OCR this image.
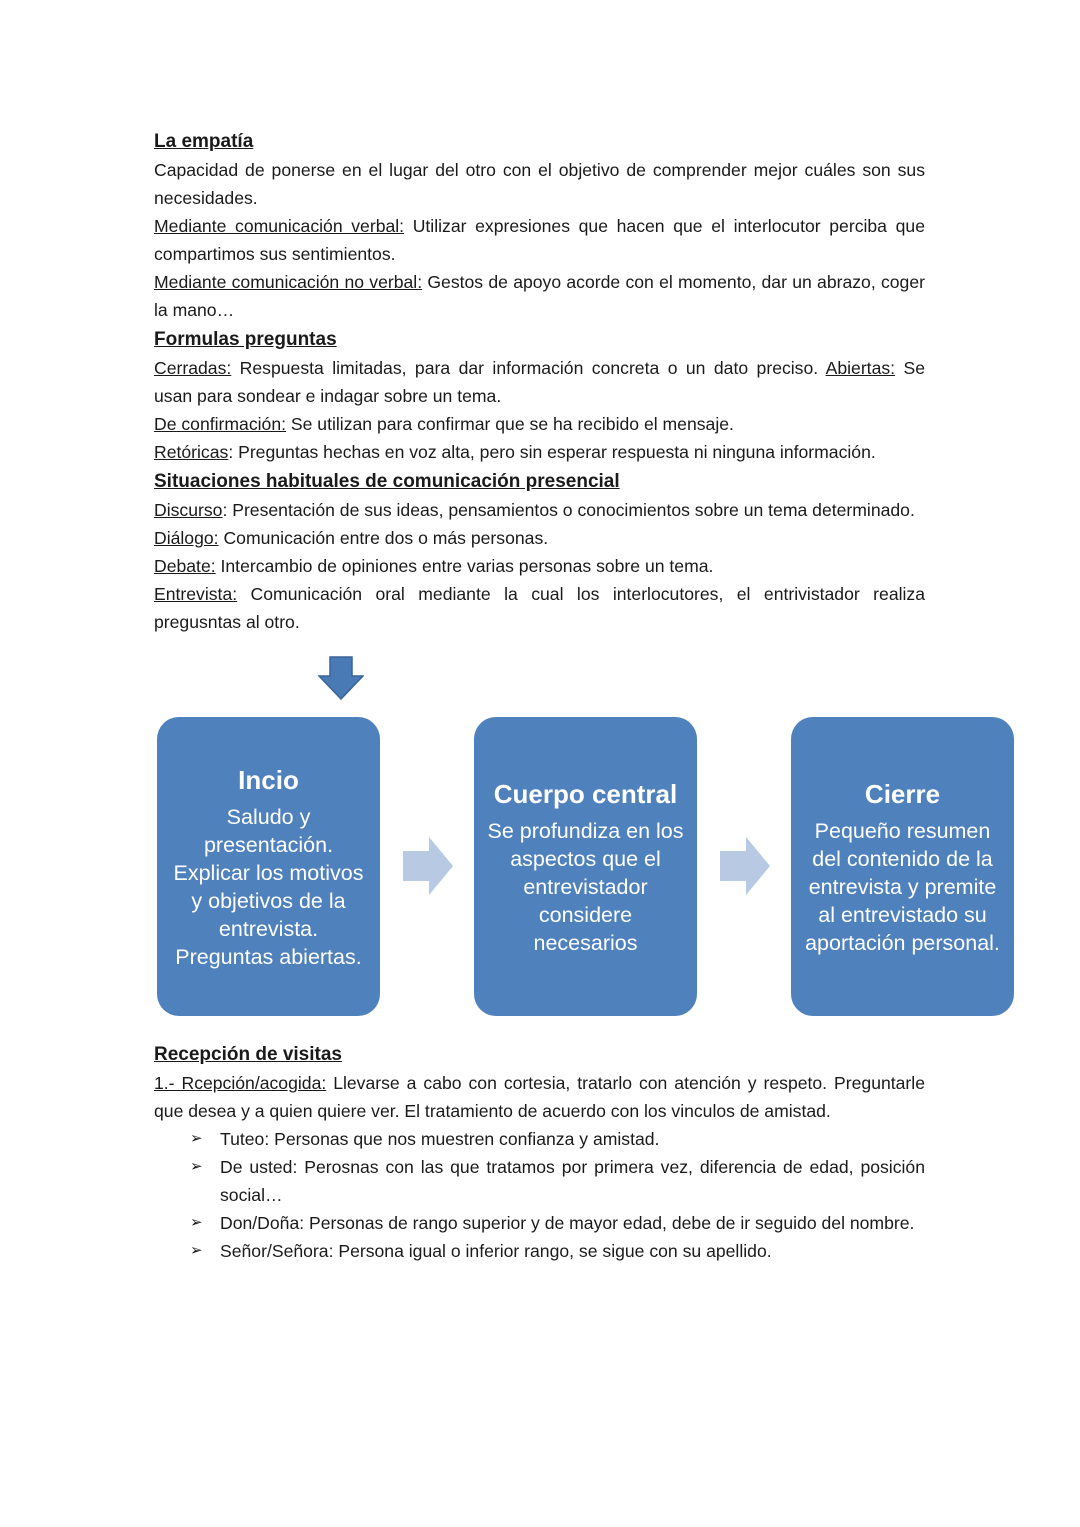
La empatía

Capacidad de ponerse en el lugar del otro con el objetivo de comprender mejor cuáles son sus necesidades.

Mediante comunicación verbal: Utilizar expresiones que hacen que el interlocutor perciba que compartimos sus sentimientos.

Mediante comunicación no verbal: Gestos de apoyo acorde con el momento, dar un abrazo, coger la mano…

Formulas preguntas

Cerradas: Respuesta limitadas, para dar información concreta o un dato preciso. Abiertas: Se usan para sondear e indagar sobre un tema.

De confirmación: Se utilizan para confirmar que se ha recibido el mensaje.

Retóricas: Preguntas hechas en voz alta, pero sin esperar respuesta ni ninguna información.

Situaciones habituales de comunicación presencial

Discurso: Presentación de sus ideas, pensamientos o conocimientos sobre un tema determinado.

Diálogo: Comunicación entre dos o más personas.

Debate: Intercambio de opiniones entre varias personas sobre un tema.

Entrevista: Comunicación oral mediante la cual los interlocutores, el entrivistador realiza pregusntas al otro.

Incio
Saludo y presentación. Explicar los motivos y objetivos de la entrevista. Preguntas abiertas.
Cuerpo central
Se profundiza en los aspectos que el entrevistador considere necesarios
Cierre
Pequeño resumen del contenido de la entrevista y premite al entrevistado su aportación personal.
Recepción de visitas

1.- Rcepción/acogida: Llevarse a cabo con cortesia, tratarlo con atención y respeto. Preguntarle que desea y a quien quiere ver. El tratamiento de acuerdo con los vinculos de amistad.

➢ Tuteo: Personas que nos muestren confianza y amistad.
➢ De usted: Perosnas con las que tratamos por primera vez, diferencia de edad, posición social…
➢ Don/Doña: Personas de rango superior y de mayor edad, debe de ir seguido del nombre.
➢ Señor/Señora: Persona igual o inferior rango, se sigue con su apellido.
